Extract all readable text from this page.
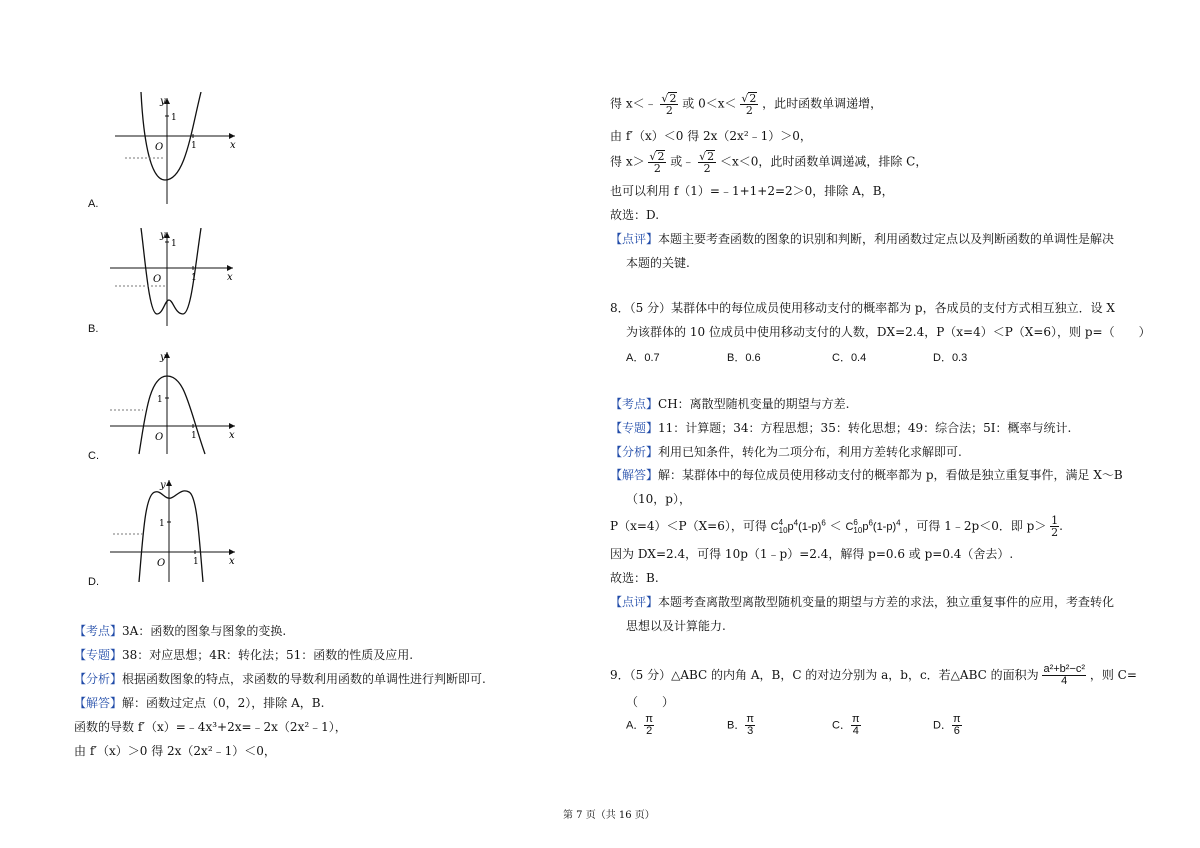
y
x
O
1
1
A.
y
x
O
1
1
B.
y
x
O
1
1
C.
y
x
O
1
1
D.
【考点】3A：函数的图象与图象的变换.
【专题】38：对应思想；4R：转化法；51：函数的性质及应用.
【分析】根据函数图象的特点，求函数的导数利用函数的单调性进行判断即可.
【解答】解：函数过定点（0，2），排除 A，B.
函数的导数 f′（x）=﹣4x³+2x=﹣2x（2x²﹣1），
由 f′（x）＞0 得 2x（2x²﹣1）＜0，
得 x＜﹣ $\frac{√2}{2}$ 或 $0<x< \frac{√2}{2}$ ，此时函数单调递增，
由 f′（x）＜0 得 2x（2x²﹣1）＞0，
得 $x> \frac{√2}{2}$ 或﹣ $\frac{√2}{2} <x<0$，此时函数单调递减，排除 C，
也可以利用 f（1）=﹣1+1+2=2＞0，排除 A，B，
故选：D.
【点评】本题主要考查函数的图象的识别和判断，利用函数过定点以及判断函数的单调性是解决
本题的关键.
8．（5 分）某群体中的每位成员使用移动支付的概率都为 p，各成员的支付方式相互独立．设 X
为该群体的 10 位成员中使用移动支付的人数，DX=2.4，P（x=4）＜P（X=6），则 p=（　　）
A．0.7	B．0.6	C．0.4	D．0.3
【考点】CH：离散型随机变量的期望与方差.
【专题】11：计算题；34：方程思想；35：转化思想；49：综合法；5I：概率与统计.
【分析】利用已知条件，转化为二项分布，利用方差转化求解即可.
【解答】解：某群体中的每位成员使用移动支付的概率都为 p，看做是独立重复事件，满足 X～B
（10，p），
P（x=4）＜P（X=6），可得 C 4
10 $p^4(1-p)^6 < C$ 6
10 $p^6(1-p)^4$ ，可得 1﹣2p＜0．即 $p> \frac{1}{2}$ .
因为 DX=2.4，可得 10p（1﹣p）=2.4，解得 p=0.6 或 p=0.4（舍去）.
故选：B.
【点评】本题考查离散型离散型随机变量的期望与方差的求法，独立重复事件的应用，考查转化
思想以及计算能力.
9．（5 分）△ABC 的内角 A，B，C 的对边分别为 a，b，c．若△ABC 的面积为 $\frac{\text{a²+b²−c²}}{4}$ ，则 C=
（　　）
A． $\frac{\pi}{2}$	B． $\frac{\pi}{3}$	C． $\frac{\pi}{4}$	D． $\frac{\pi}{6}$
第 7 页（共 16 页）
